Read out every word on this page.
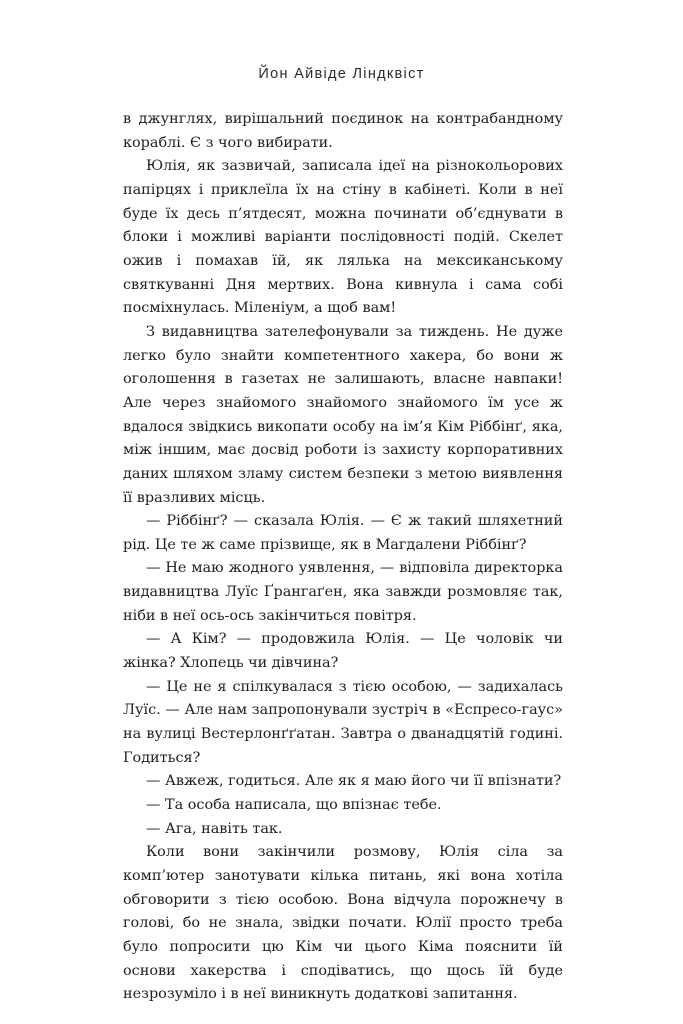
Йон Айвіде Ліндквіст

в джунглях, вирішальний поєдинок на контрабандному кораблі. Є з чого вибирати.

Юлія, як зазвичай, записала ідеї на різнокольорових папірцях і приклеїла їх на стіну в кабінеті. Коли в неї буде їх десь п’ятдесят, можна починати об’єднувати в блоки і можливі варіанти послідовності подій. Скелет ожив і помахав їй, як лялька на мексиканському святкуванні Дня мертвих. Вона кивнула і сама собі посміхнулась. Міленіум, а щоб вам!

З видавництва зателефонували за тиждень. Не дуже легко було знайти компетентного хакера, бо вони ж оголошення в газетах не залишають, власне навпаки! Але через знайомого знайомого знайомого їм усе ж вдалося звідкись викопати особу на ім’я Кім Ріббінґ, яка, між іншим, має досвід роботи із захисту корпоративних даних шляхом зламу систем безпеки з метою виявлення її вразливих місць.

— Ріббінґ? — сказала Юлія. — Є ж такий шляхетний рід. Це те ж саме прізвище, як в Магдалени Ріббінґ?

— Не маю жодного уявлення, — відповіла директорка видавництва Луїс Ґрангаґен, яка завжди розмовляє так, ніби в неї ось-ось закінчиться повітря.

— А Кім? — продовжила Юлія. — Це чоловік чи жінка? Хлопець чи дівчина?

— Це не я спілкувалася з тією особою, — задихалась Луїс. — Але нам запропонували зустріч в «Еспресо-гаус» на вулиці Вестерлонґґатан. Завтра о дванадцятій годині. Годиться?

— Авжеж, годиться. Але як я маю його чи її впізнати?

— Та особа написала, що впізнає тебе.

— Ага, навіть так.

Коли вони закінчили розмову, Юлія сіла за комп’ютер занотувати кілька питань, які вона хотіла обговорити з тією особою. Вона відчула порожнечу в голові, бо не знала, звідки почати. Юлії просто треба було попросити цю Кім чи цього Кіма пояснити їй основи хакерства і сподіватись, що щось їй буде незрозуміло і в неї виникнуть додаткові запитання.
